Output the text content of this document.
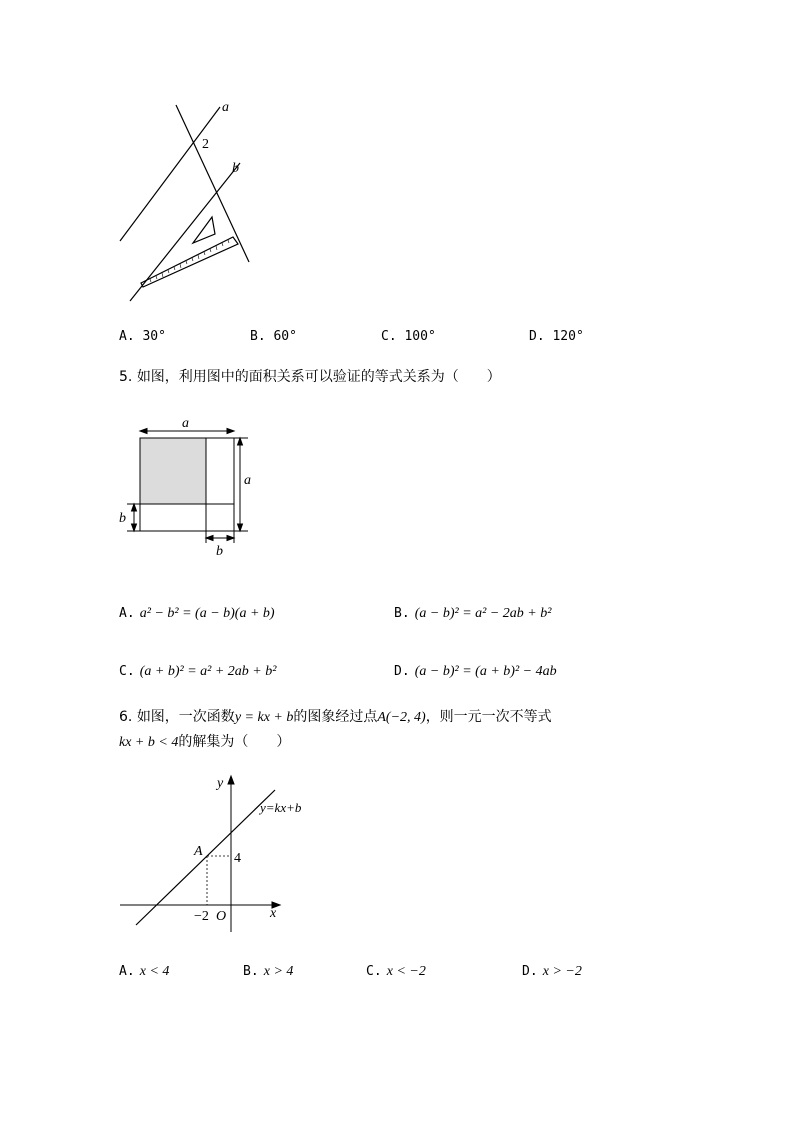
a
b
2
A. 30°	B. 60°	C. 100°	D. 120°
5. 如图，利用图中的面积关系可以验证的等式关系为（　　）
a
a
b
b
A. a² − b² = (a − b)(a + b)	B. (a − b)² = a² − 2ab + b²
C. (a + b)² = a² + 2ab + b²	D. (a − b)² = (a + b)² − 4ab
6. 如图，一次函数y = kx + b的图象经过点A(−2, 4)，则一元一次不等式
kx + b < 4的解集为（　　）
y
x
y=kx+b
A 4
−2 O
A. x < 4	B. x > 4	C. x < −2	D. x > −2
